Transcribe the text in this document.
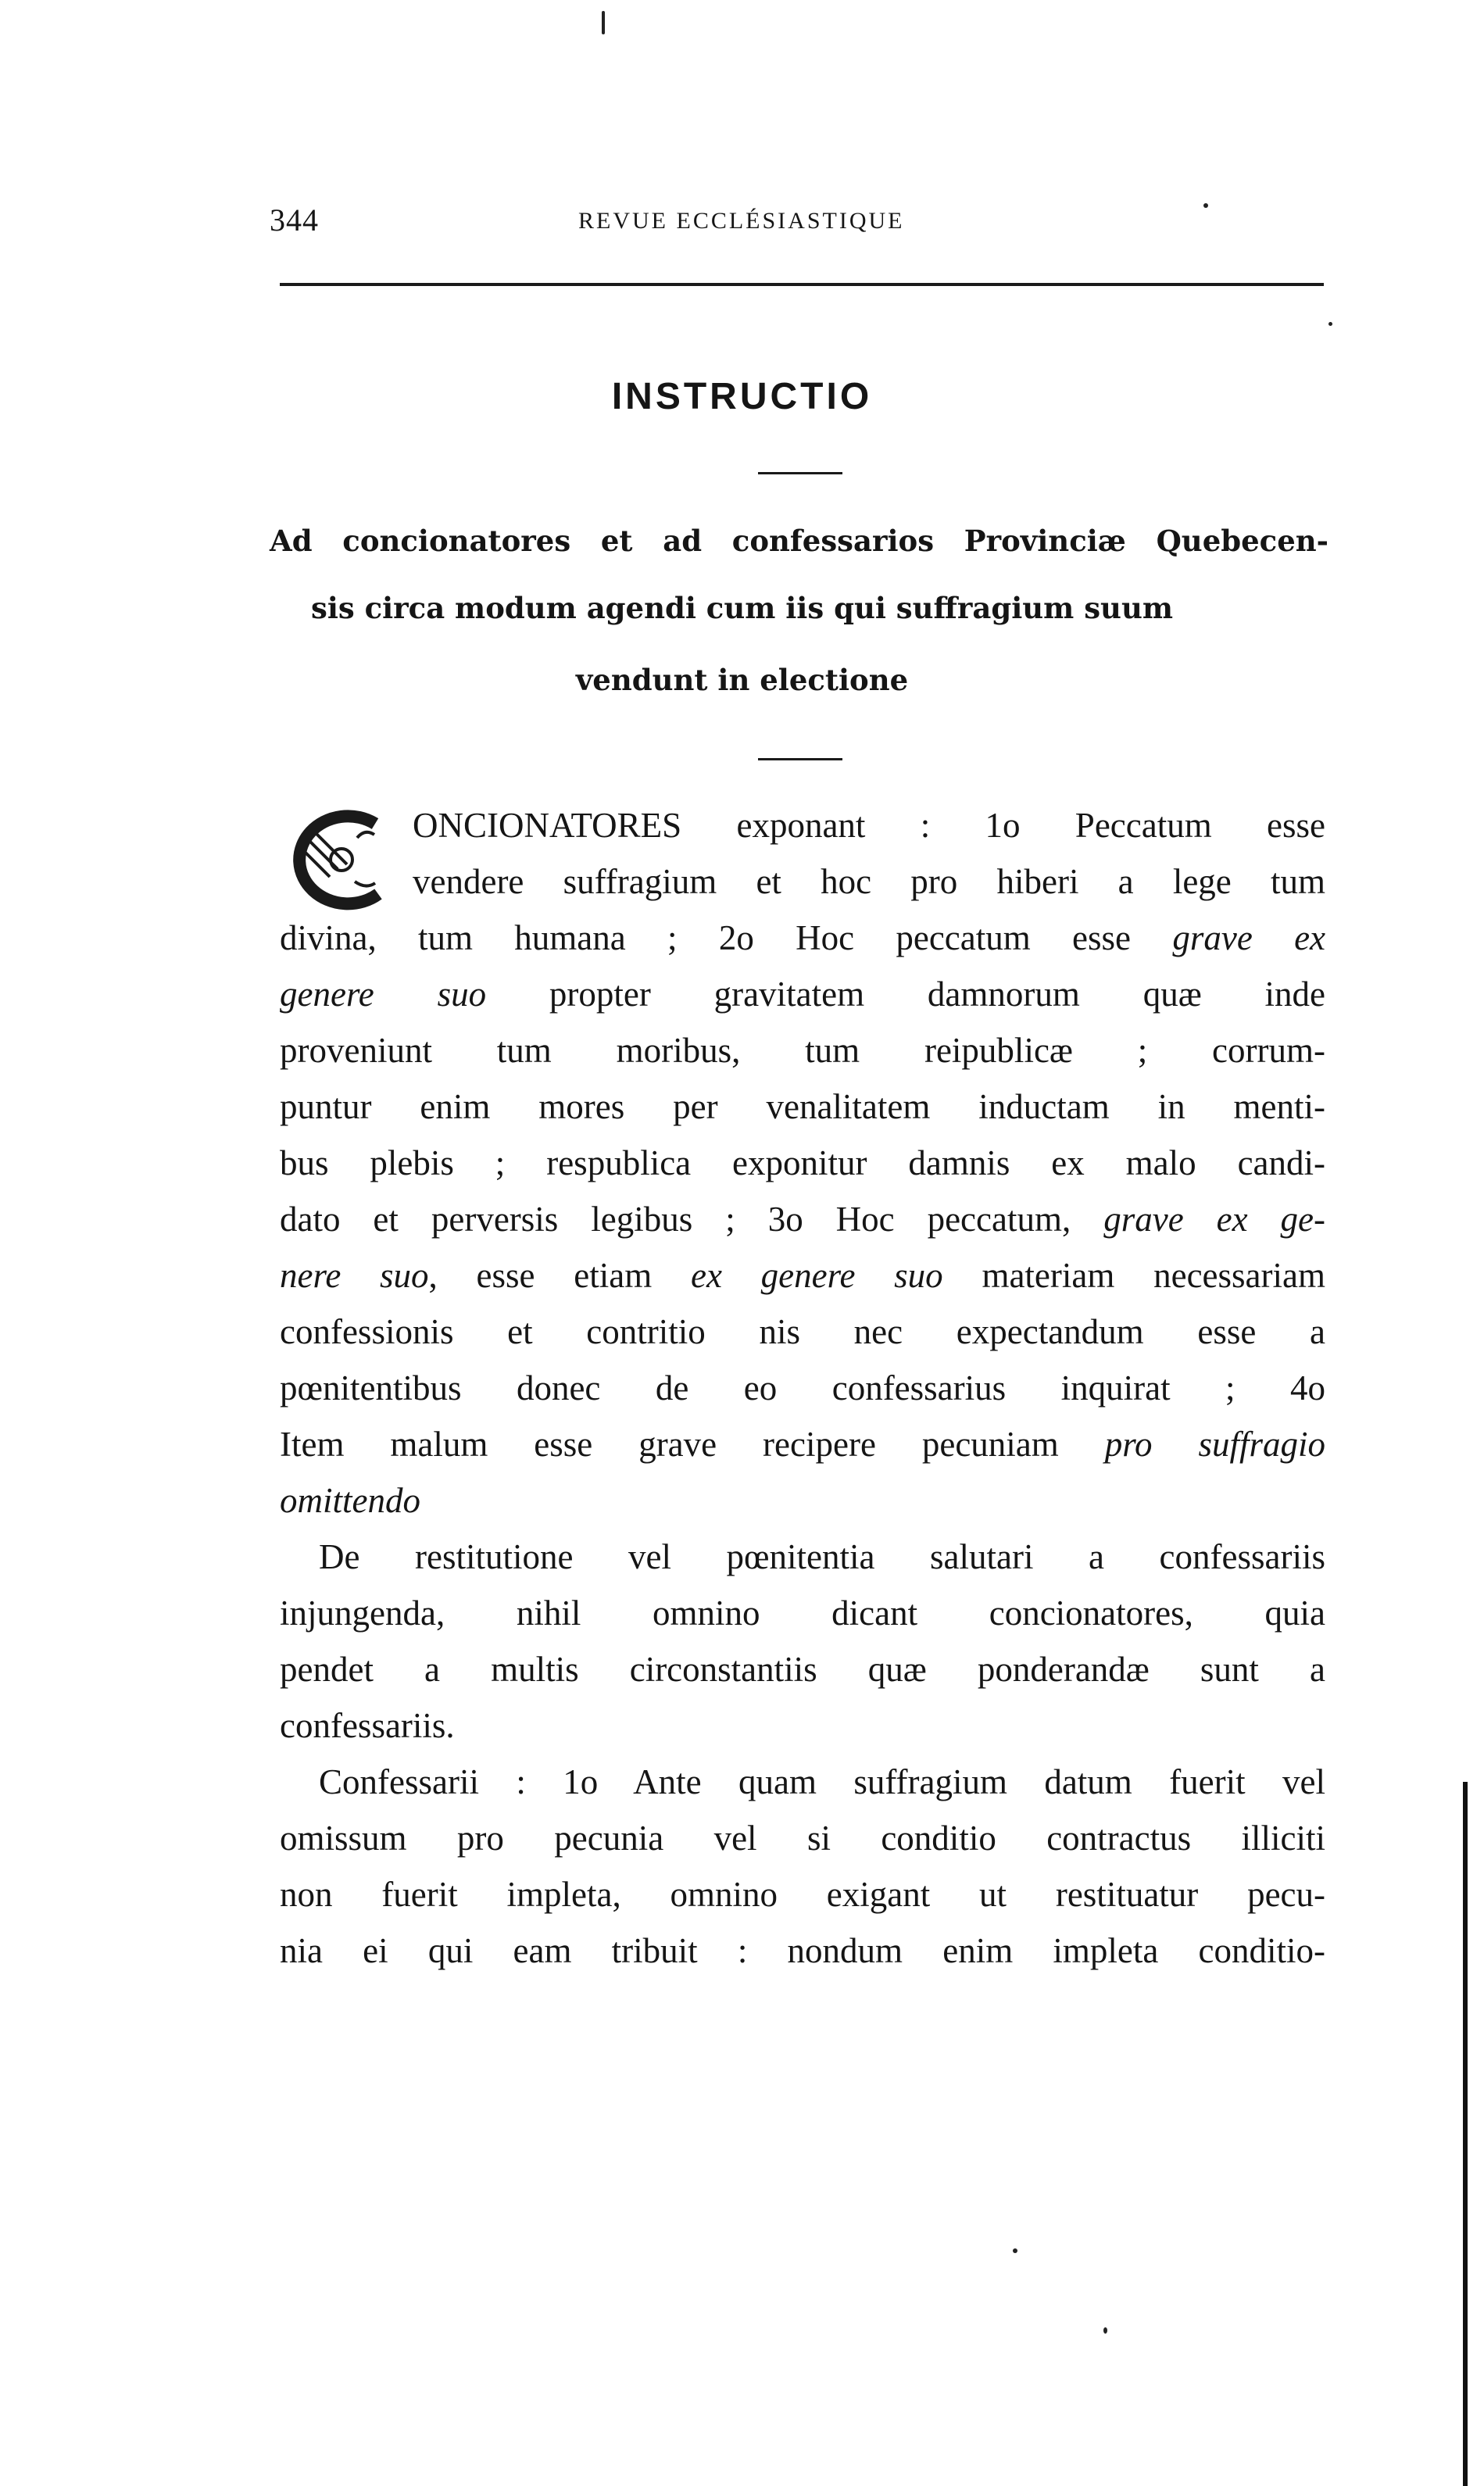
344	REVUE ECCLÉSIASTIQUE
INSTRUCTIO
Ad concionatores et ad confessarios Provinciæ Quebecen-
sis circa modum agendi cum iis qui suffragium suum
vendunt in electione
C
ONCIONATORES exponant : 1o Peccatum esse
vendere suffragium et hoc pro hiberi a lege tum
divina, tum humana ; 2o Hoc peccatum esse grave ex
genere suo propter gravitatem damnorum quæ inde
proveniunt tum moribus, tum reipublicæ ; corrum-
puntur enim mores per venalitatem inductam in menti-
bus plebis ; respublica exponitur damnis ex malo candi-
dato et perversis legibus ; 3o Hoc peccatum, grave ex ge-
nere suo, esse etiam ex genere suo materiam necessariam
confessionis et contritio nis nec expectandum esse a
pœnitentibus donec de eo confessarius inquirat ; 4o
Item malum esse grave recipere pecuniam pro suffragio
omittendo
De restitutione vel pœnitentia salutari a confessariis
injungenda, nihil omnino dicant concionatores, quia
pendet a multis circonstantiis quæ ponderandæ sunt a
confessariis.
Confessarii : 1o Ante quam suffragium datum fuerit vel
omissum pro pecunia vel si conditio contractus illiciti
non fuerit impleta, omnino exigant ut restituatur pecu-
nia ei qui eam tribuit : nondum enim impleta conditio-
